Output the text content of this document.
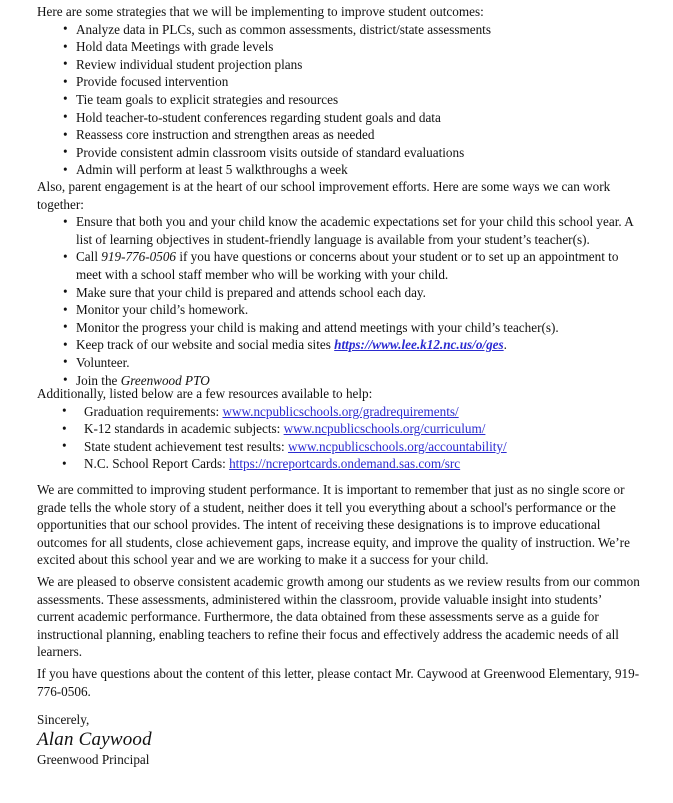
Here are some strategies that we will be implementing to improve student outcomes:

• Analyze data in PLCs, such as common assessments, district/state assessments
• Hold data Meetings with grade levels
• Review individual student projection plans
• Provide focused intervention
• Tie team goals to explicit strategies and resources
• Hold teacher-to-student conferences regarding student goals and data
• Reassess core instruction and strengthen areas as needed
• Provide consistent admin classroom visits outside of standard evaluations
• Admin will perform at least 5 walkthroughs a week

Also, parent engagement is at the heart of our school improvement efforts. Here are some ways we can work together:

• Ensure that both you and your child know the academic expectations set for your child this school year. A list of learning objectives in student-friendly language is available from your student’s teacher(s).
• Call 919-776-0506 if you have questions or concerns about your student or to set up an appointment to meet with a school staff member who will be working with your child.
• Make sure that your child is prepared and attends school each day.
• Monitor your child’s homework.
• Monitor the progress your child is making and attend meetings with your child’s teacher(s).
• Keep track of our website and social media sites https://www.lee.k12.nc.us/o/ges.
• Volunteer.
• Join the Greenwood PTO

Additionally, listed below are a few resources available to help:

• Graduation requirements: www.ncpublicschools.org/gradrequirements/
• K-12 standards in academic subjects: www.ncpublicschools.org/curriculum/
• State student achievement test results: www.ncpublicschools.org/accountability/
• N.C. School Report Cards: https://ncreportcards.ondemand.sas.com/src

We are committed to improving student performance. It is important to remember that just as no single score or grade tells the whole story of a student, neither does it tell you everything about a school's performance or the opportunities that our school provides. The intent of receiving these designations is to improve educational outcomes for all students, close achievement gaps, increase equity, and improve the quality of instruction. We’re excited about this school year and we are working to make it a success for your child.

We are pleased to observe consistent academic growth among our students as we review results from our common assessments. These assessments, administered within the classroom, provide valuable insight into students’ current academic performance. Furthermore, the data obtained from these assessments serve as a guide for instructional planning, enabling teachers to refine their focus and effectively address the academic needs of all learners.

If you have questions about the content of this letter, please contact Mr. Caywood at Greenwood Elementary, 919-776-0506.

Sincerely,
Alan Caywood
Greenwood Principal
